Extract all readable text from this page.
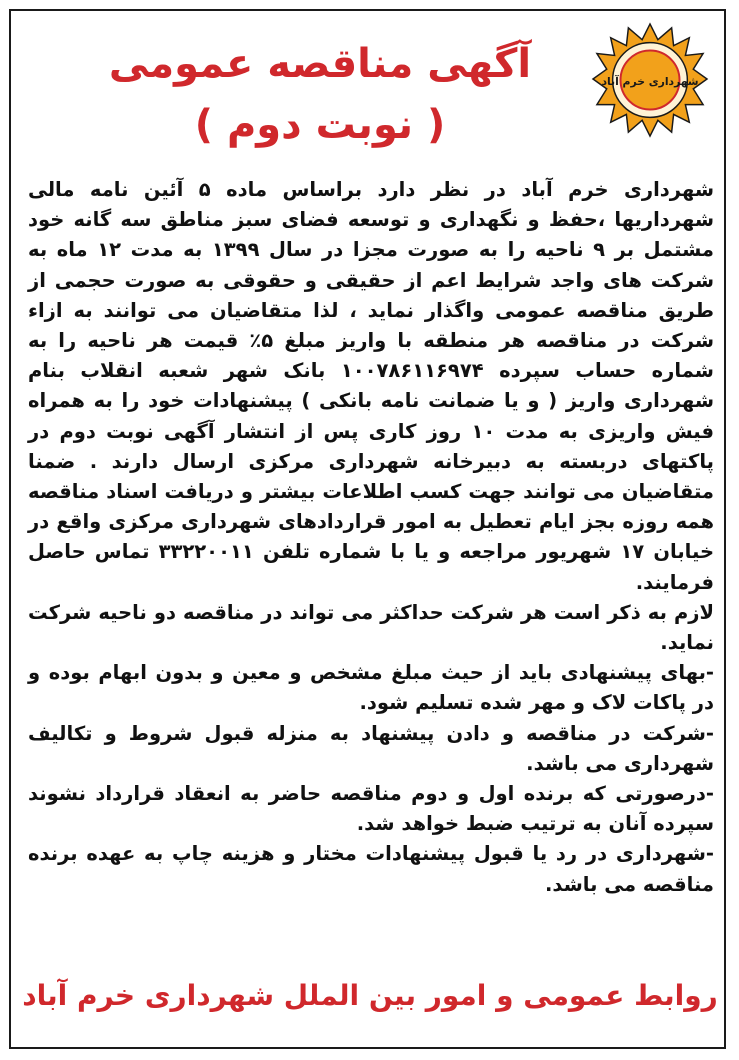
شهرداری خرم آباد
آگهی مناقصه عمومی
( نوبت دوم )

شهرداری خرم آباد در نظر دارد براساس ماده ۵ آئین نامه مالی شهرداریها ،حفظ و نگهداری و توسعه فضای سبز مناطق سه گانه خود مشتمل بر ۹ ناحیه را به صورت مجزا در سال ۱۳۹۹ به مدت ۱۲ ماه به شرکت های واجد شرایط اعم از حقیقی و حقوقی به صورت حجمی از طریق مناقصه عمومی واگذار نماید ، لذا متقاضیان می توانند به ازاء شرکت در مناقصه هر منطقه با واریز مبلغ ۵٪ قیمت هر ناحیه را به شماره حساب سپرده ۱۰۰۷۸۶۱۱۶۹۷۴ بانک شهر شعبه انقلاب بنام شهرداری واریز ( و یا ضمانت نامه بانکی ) پیشنهادات خود را به همراه فیش واریزی به مدت ۱۰ روز کاری پس از انتشار آگهی نوبت دوم در پاکتهای دربسته به دبیرخانه شهرداری مرکزی ارسال دارند . ضمنا متقاضیان می توانند جهت کسب اطلاعات بیشتر و دریافت اسناد مناقصه همه روزه بجز ایام تعطیل به امور قراردادهای شهرداری مرکزی واقع در خیابان ۱۷ شهریور مراجعه و یا با شماره تلفن ۳۳۲۲۰۰۱۱ تماس حاصل فرمایند.

لازم به ذکر است هر شرکت حداکثر می تواند در مناقصه دو ناحیه شرکت نماید.

-بهای پیشنهادی باید از حیث مبلغ مشخص و معین و بدون ابهام بوده و در پاکات لاک و مهر شده تسلیم شود.

-شرکت در مناقصه و دادن پیشنهاد به منزله قبول شروط و تکالیف شهرداری می باشد.

-درصورتی که برنده اول و دوم مناقصه حاضر به انعقاد قرارداد نشوند سپرده آنان به ترتیب ضبط خواهد شد.

-شهرداری در رد یا قبول پیشنهادات مختار و هزینه چاپ به عهده برنده مناقصه می باشد.

روابط عمومی و امور بین الملل شهرداری خرم آباد
